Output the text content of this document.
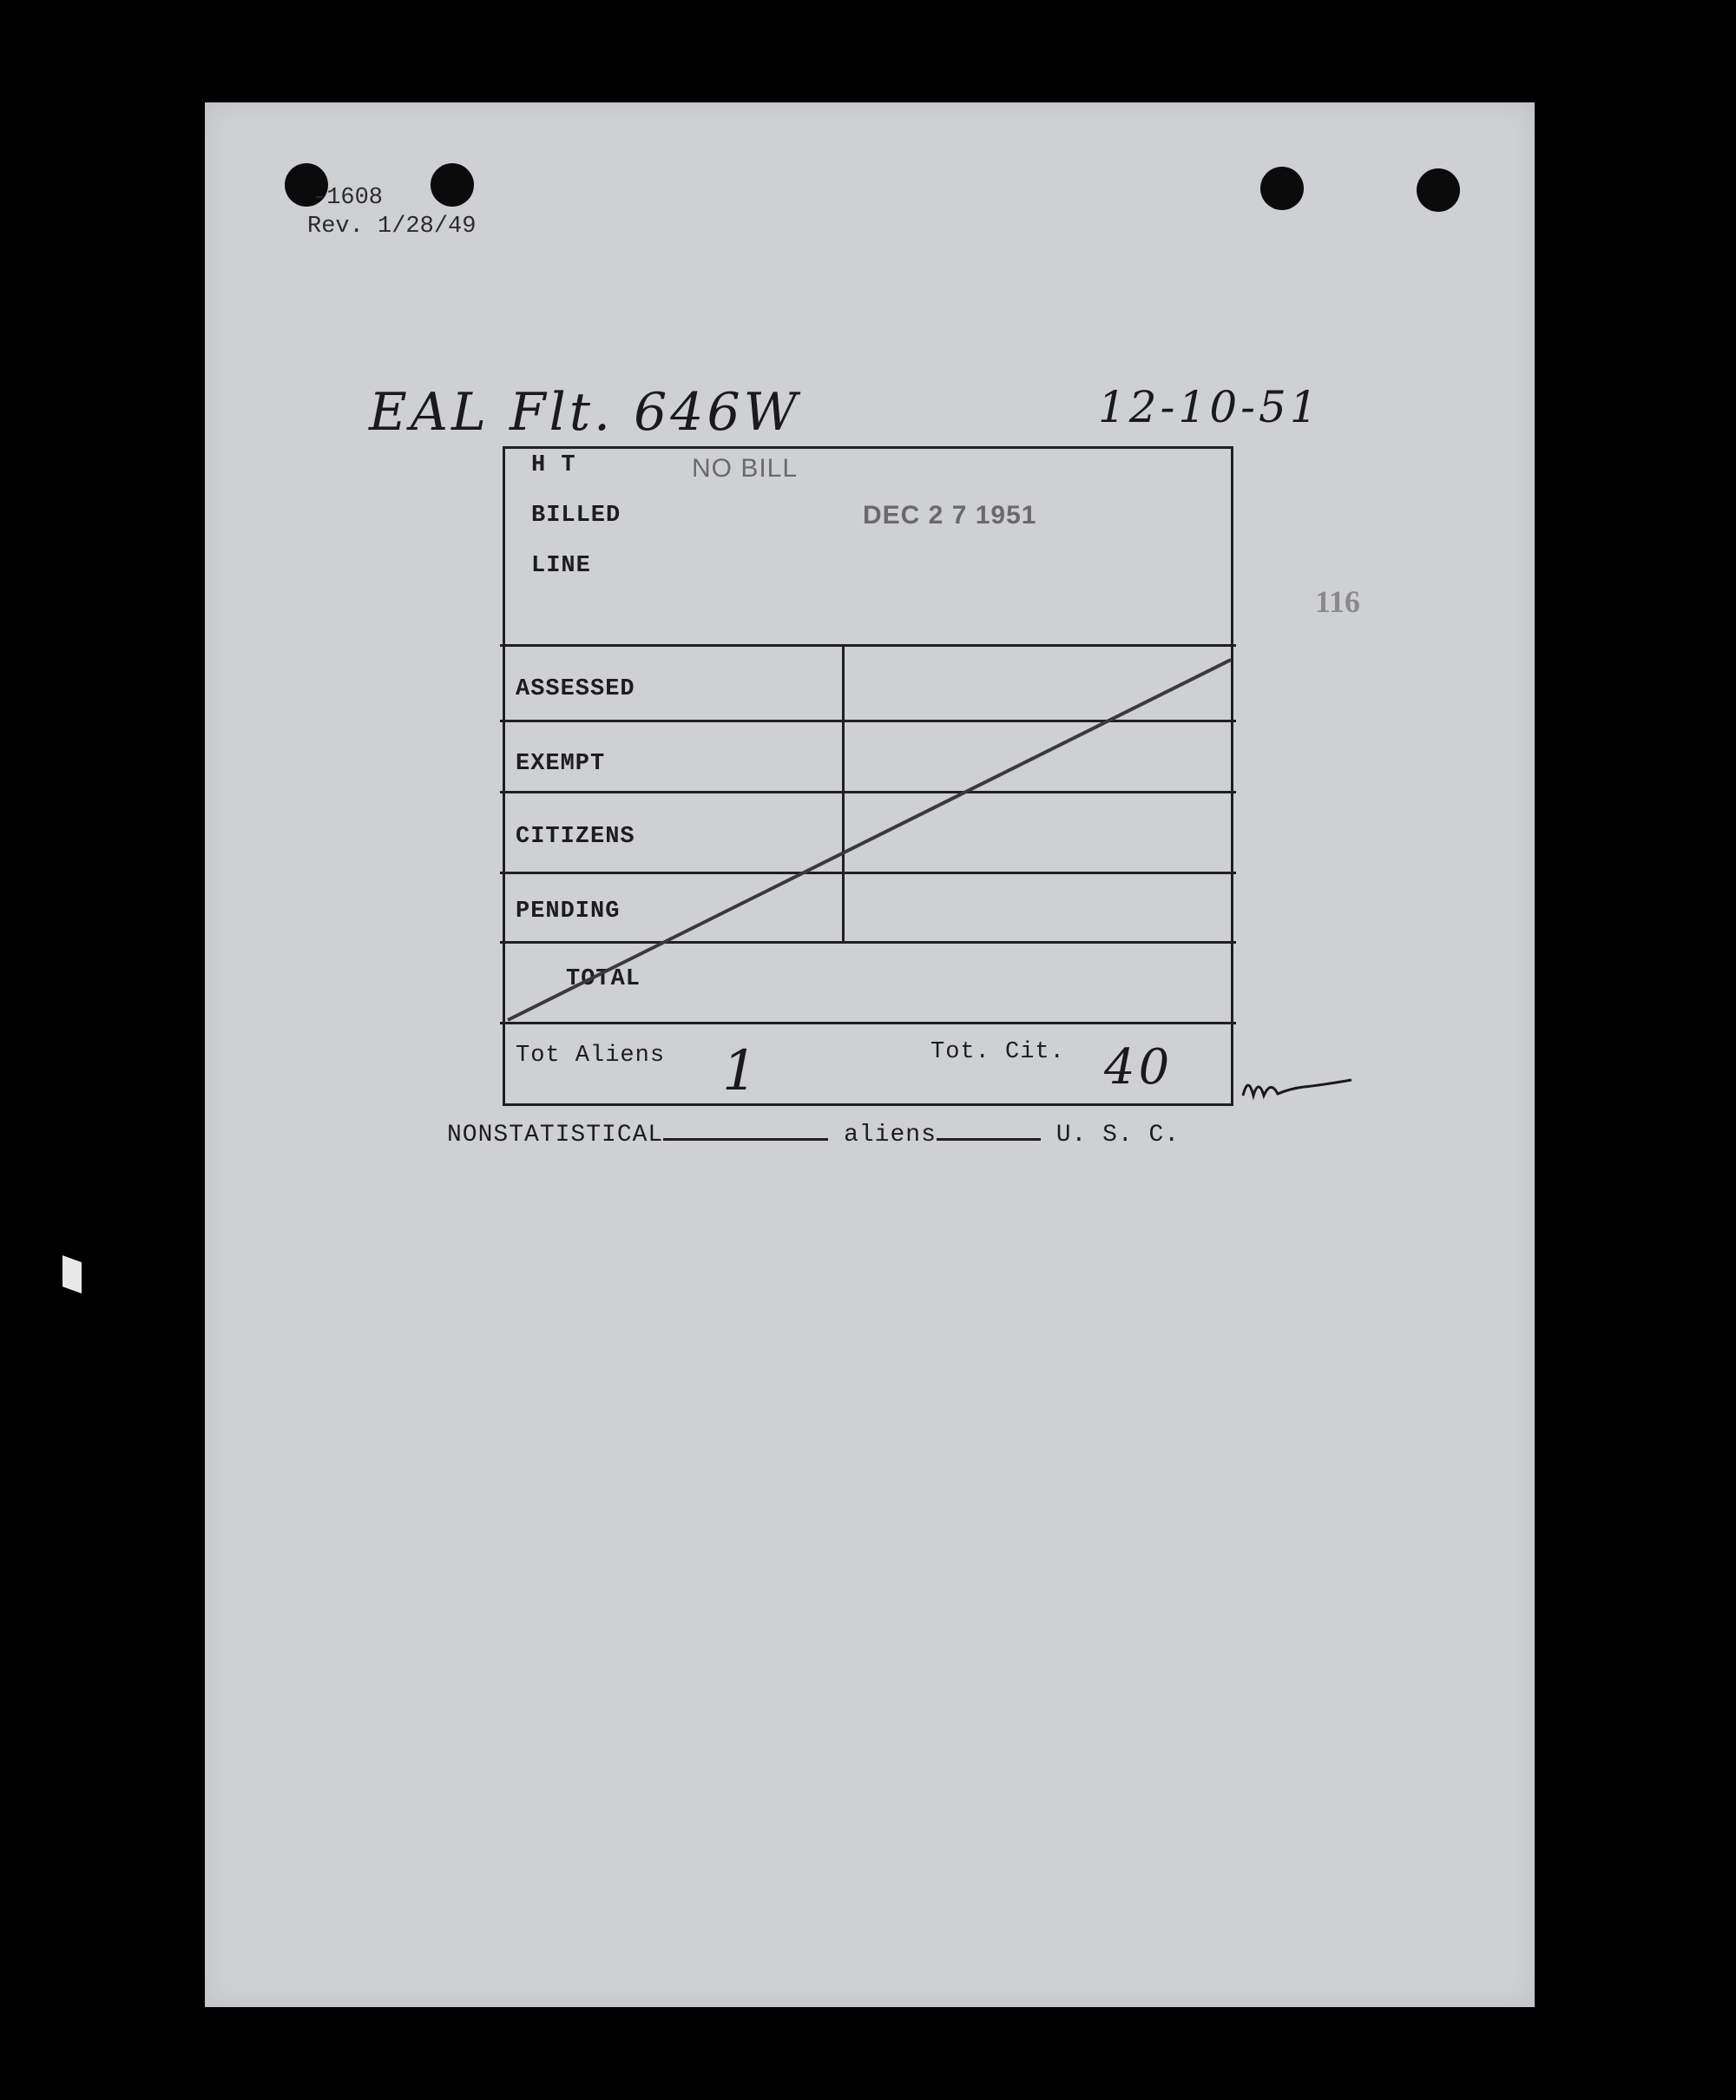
-1608
Rev. 1/28/49
EAL Flt. 646W	12-10-51
116
H T
BILLED
LINE
NO BILL
DEC 2 7 1951
ASSESSED
EXEMPT
CITIZENS
PENDING
TOTAL
Tot Aliens 1	Tot. Cit. 40
NONSTATISTICAL	aliens	U. S. C.
